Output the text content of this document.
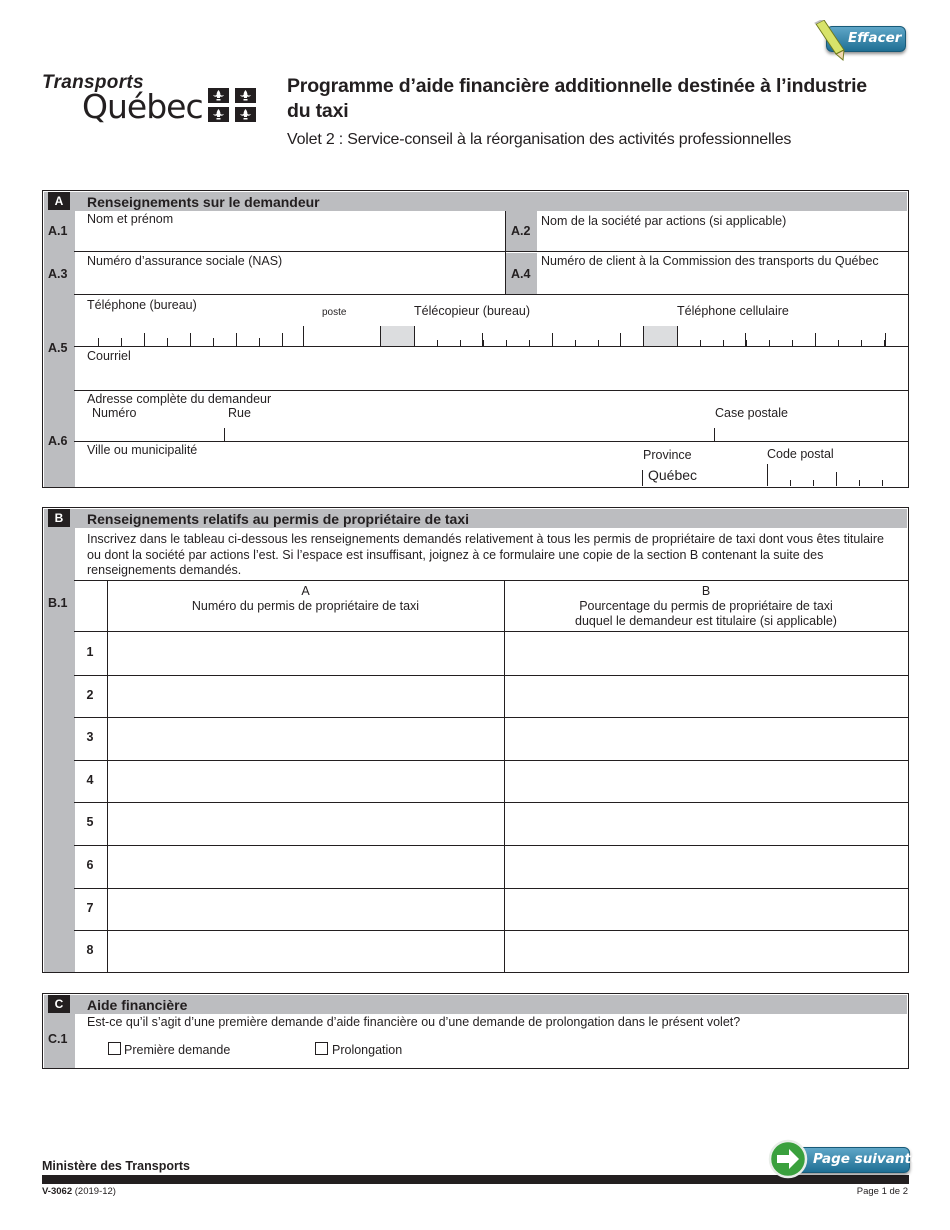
Transports
Québec
Programme d’aide financière additionnelle destinée à l’industrie du taxi
Volet 2 : Service-conseil à la réorganisation des activités professionnelles
Effacer
Renseignements sur le demandeur
A
A.1
Nom et prénom
A.2
Nom de la société par actions (si applicable)
A.3
Numéro d’assurance sociale (NAS)
A.4
Numéro de client à la Commission des transports du Québec
A.5
Téléphone (bureau)
poste	Télécopieur (bureau)	Téléphone cellulaire
Courriel
A.6
Adresse complète du demandeur
Numéro	Rue	Case postale
Ville ou municipalité	Province
Québec
Code postal
Renseignements relatifs au permis de propriétaire de taxi
B
Inscrivez dans le tableau ci-dessous les renseignements demandés relativement à tous les permis de propriétaire de taxi dont vous êtes titulaire ou dont la société par actions l’est. Si l’espace est insuffisant, joignez à ce formulaire une copie de la section B contenant la suite des renseignements demandés.
B.1
A
Numéro du permis de propriétaire de taxi
B
Pourcentage du permis de propriétaire de taxi
duquel le demandeur est titulaire (si applicable)
1
2
3
4
5
6
7
8
Aide financière
C
C.1
Est-ce qu’il s’agit d’une première demande d’aide financière ou d’une demande de prolongation dans le présent volet?
Première demande	Prolongation
Ministère des Transports
V-3062 (2019-12)	Page 1 de 2
Page suivante
